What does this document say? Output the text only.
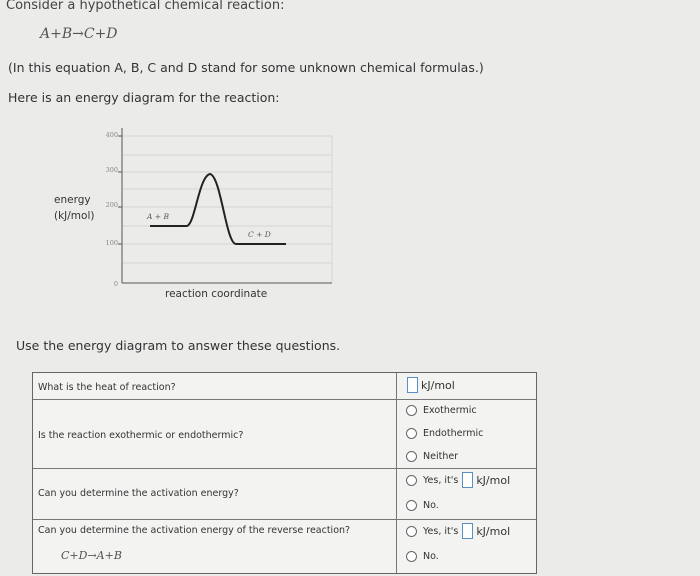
Consider a hypothetical chemical reaction:
A+B→C+D
(In this equation A, B, C and D stand for some unknown chemical formulas.)
Here is an energy diagram for the reaction:
energy
(kJ/mol)
400
300
200
100
0
A + B
C + D
reaction coordinate
Use the energy diagram to answer these questions.
What is the heat of reaction?	kJ/mol
Is the reaction exothermic or endothermic?
Exothermic
Endothermic
Neither
Can you determine the activation energy?
Yes, it's kJ/mol
No.
Can you determine the activation energy of the reverse reaction?
C+D→A+B
Yes, it's kJ/mol
No.
